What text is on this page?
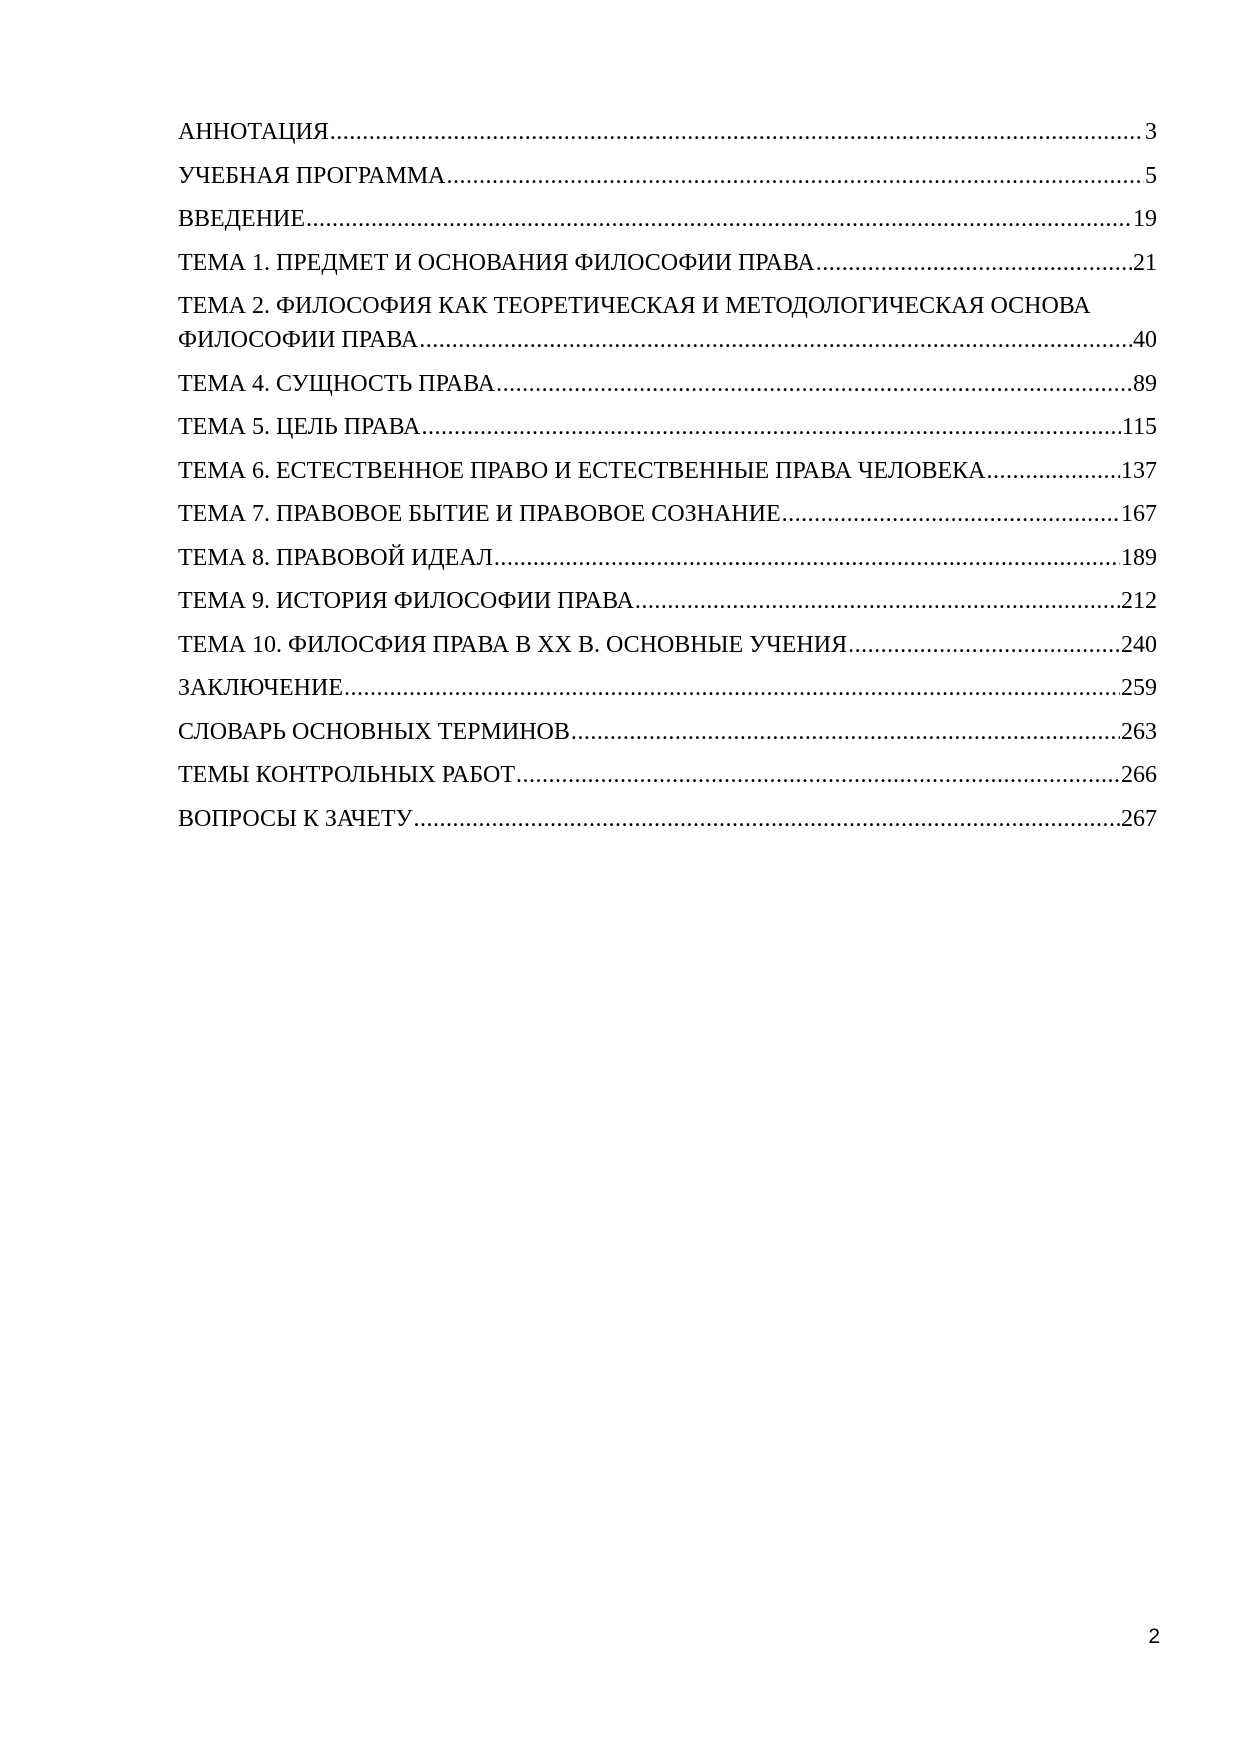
АННОТАЦИЯ .....	3
УЧЕБНАЯ ПРОГРАММА .....	5
ВВЕДЕНИЕ .....	19
ТЕМА 1. ПРЕДМЕТ И ОСНОВАНИЯ ФИЛОСОФИИ ПРАВА .....	21
ТЕМА 2. ФИЛОСОФИЯ КАК ТЕОРЕТИЧЕСКАЯ И МЕТОДОЛОГИЧЕСКАЯ ОСНОВА
ФИЛОСОФИИ ПРАВА .....	40
ТЕМА 4. СУЩНОСТЬ ПРАВА .....	89
ТЕМА 5. ЦЕЛЬ ПРАВА .....	115
ТЕМА 6. ЕСТЕСТВЕННОЕ ПРАВО И ЕСТЕСТВЕННЫЕ ПРАВА ЧЕЛОВЕКА .....	137
ТЕМА 7. ПРАВОВОЕ БЫТИЕ И ПРАВОВОЕ СОЗНАНИЕ .....	167
ТЕМА 8. ПРАВОВОЙ ИДЕАЛ .....	189
ТЕМА 9. ИСТОРИЯ ФИЛОСОФИИ ПРАВА .....	212
ТЕМА 10. ФИЛОСФИЯ ПРАВА В XX В. ОСНОВНЫЕ УЧЕНИЯ .....	240
ЗАКЛЮЧЕНИЕ .....	259
СЛОВАРЬ ОСНОВНЫХ ТЕРМИНОВ .....	263
ТЕМЫ КОНТРОЛЬНЫХ РАБОТ .....	266
ВОПРОСЫ К ЗАЧЕТУ .....	267
2
